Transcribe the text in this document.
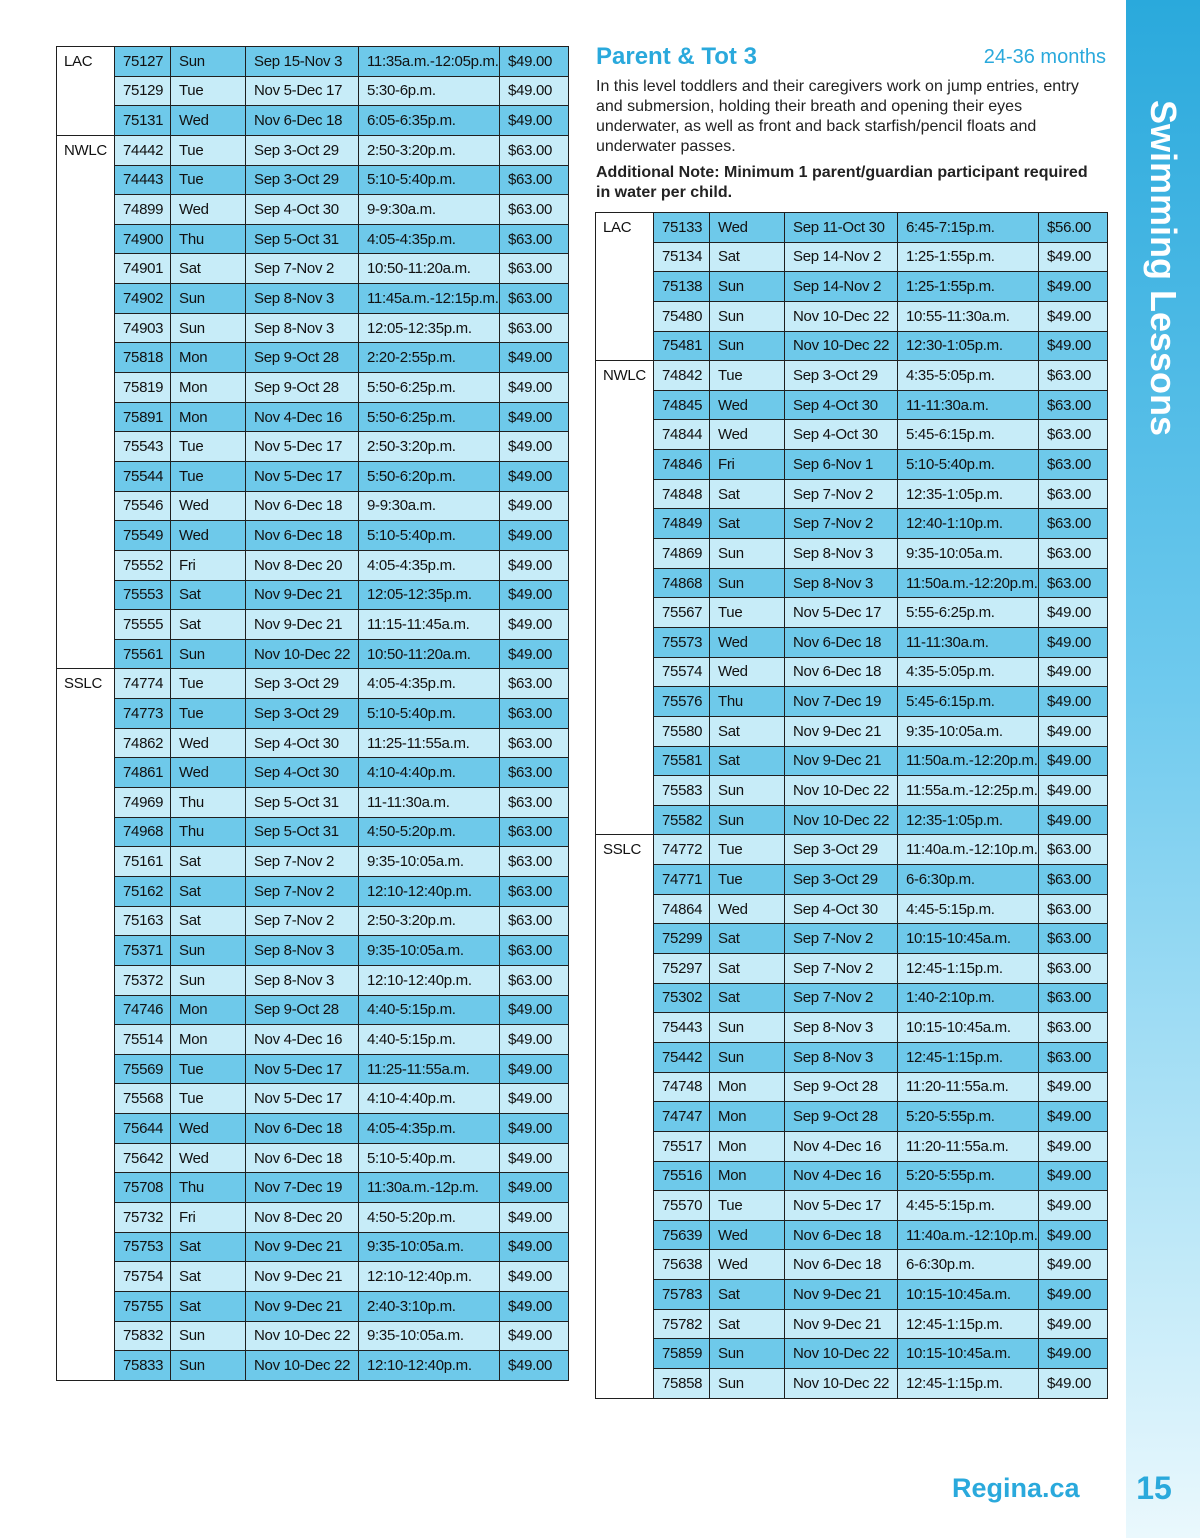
LAC	75127	Sun	Sep 15-Nov 3	11:35a.m.-12:05p.m.	$49.00
	75129	Tue	Nov 5-Dec 17	5:30-6p.m.	$49.00
	75131	Wed	Nov 6-Dec 18	6:05-6:35p.m.	$49.00
NWLC	74442	Tue	Sep 3-Oct 29	2:50-3:20p.m.	$63.00
	74443	Tue	Sep 3-Oct 29	5:10-5:40p.m.	$63.00
	74899	Wed	Sep 4-Oct 30	9-9:30a.m.	$63.00
	74900	Thu	Sep 5-Oct 31	4:05-4:35p.m.	$63.00
	74901	Sat	Sep 7-Nov 2	10:50-11:20a.m.	$63.00
	74902	Sun	Sep 8-Nov 3	11:45a.m.-12:15p.m.	$63.00
	74903	Sun	Sep 8-Nov 3	12:05-12:35p.m.	$63.00
	75818	Mon	Sep 9-Oct 28	2:20-2:55p.m.	$49.00
	75819	Mon	Sep 9-Oct 28	5:50-6:25p.m.	$49.00
	75891	Mon	Nov 4-Dec 16	5:50-6:25p.m.	$49.00
	75543	Tue	Nov 5-Dec 17	2:50-3:20p.m.	$49.00
	75544	Tue	Nov 5-Dec 17	5:50-6:20p.m.	$49.00
	75546	Wed	Nov 6-Dec 18	9-9:30a.m.	$49.00
	75549	Wed	Nov 6-Dec 18	5:10-5:40p.m.	$49.00
	75552	Fri	Nov 8-Dec 20	4:05-4:35p.m.	$49.00
	75553	Sat	Nov 9-Dec 21	12:05-12:35p.m.	$49.00
	75555	Sat	Nov 9-Dec 21	11:15-11:45a.m.	$49.00
	75561	Sun	Nov 10-Dec 22	10:50-11:20a.m.	$49.00
SSLC	74774	Tue	Sep 3-Oct 29	4:05-4:35p.m.	$63.00
	74773	Tue	Sep 3-Oct 29	5:10-5:40p.m.	$63.00
	74862	Wed	Sep 4-Oct 30	11:25-11:55a.m.	$63.00
	74861	Wed	Sep 4-Oct 30	4:10-4:40p.m.	$63.00
	74969	Thu	Sep 5-Oct 31	11-11:30a.m.	$63.00
	74968	Thu	Sep 5-Oct 31	4:50-5:20p.m.	$63.00
	75161	Sat	Sep 7-Nov 2	9:35-10:05a.m.	$63.00
	75162	Sat	Sep 7-Nov 2	12:10-12:40p.m.	$63.00
	75163	Sat	Sep 7-Nov 2	2:50-3:20p.m.	$63.00
	75371	Sun	Sep 8-Nov 3	9:35-10:05a.m.	$63.00
	75372	Sun	Sep 8-Nov 3	12:10-12:40p.m.	$63.00
	74746	Mon	Sep 9-Oct 28	4:40-5:15p.m.	$49.00
	75514	Mon	Nov 4-Dec 16	4:40-5:15p.m.	$49.00
	75569	Tue	Nov 5-Dec 17	11:25-11:55a.m.	$49.00
	75568	Tue	Nov 5-Dec 17	4:10-4:40p.m.	$49.00
	75644	Wed	Nov 6-Dec 18	4:05-4:35p.m.	$49.00
	75642	Wed	Nov 6-Dec 18	5:10-5:40p.m.	$49.00
	75708	Thu	Nov 7-Dec 19	11:30a.m.-12p.m.	$49.00
	75732	Fri	Nov 8-Dec 20	4:50-5:20p.m.	$49.00
	75753	Sat	Nov 9-Dec 21	9:35-10:05a.m.	$49.00
	75754	Sat	Nov 9-Dec 21	12:10-12:40p.m.	$49.00
	75755	Sat	Nov 9-Dec 21	2:40-3:10p.m.	$49.00
	75832	Sun	Nov 10-Dec 22	9:35-10:05a.m.	$49.00
	75833	Sun	Nov 10-Dec 22	12:10-12:40p.m.	$49.00
Parent & Tot 3	24-36 months
In this level toddlers and their caregivers work on jump entries, entry and submersion, holding their breath and opening their eyes underwater, as well as front and back starfish/pencil floats and underwater passes.
Additional Note: Minimum 1 parent/guardian participant required in water per child.
LAC	75133	Wed	Sep 11-Oct 30	6:45-7:15p.m.	$56.00
	75134	Sat	Sep 14-Nov 2	1:25-1:55p.m.	$49.00
	75138	Sun	Sep 14-Nov 2	1:25-1:55p.m.	$49.00
	75480	Sun	Nov 10-Dec 22	10:55-11:30a.m.	$49.00
	75481	Sun	Nov 10-Dec 22	12:30-1:05p.m.	$49.00
NWLC	74842	Tue	Sep 3-Oct 29	4:35-5:05p.m.	$63.00
	74845	Wed	Sep 4-Oct 30	11-11:30a.m.	$63.00
	74844	Wed	Sep 4-Oct 30	5:45-6:15p.m.	$63.00
	74846	Fri	Sep 6-Nov 1	5:10-5:40p.m.	$63.00
	74848	Sat	Sep 7-Nov 2	12:35-1:05p.m.	$63.00
	74849	Sat	Sep 7-Nov 2	12:40-1:10p.m.	$63.00
	74869	Sun	Sep 8-Nov 3	9:35-10:05a.m.	$63.00
	74868	Sun	Sep 8-Nov 3	11:50a.m.-12:20p.m.	$63.00
	75567	Tue	Nov 5-Dec 17	5:55-6:25p.m.	$49.00
	75573	Wed	Nov 6-Dec 18	11-11:30a.m.	$49.00
	75574	Wed	Nov 6-Dec 18	4:35-5:05p.m.	$49.00
	75576	Thu	Nov 7-Dec 19	5:45-6:15p.m.	$49.00
	75580	Sat	Nov 9-Dec 21	9:35-10:05a.m.	$49.00
	75581	Sat	Nov 9-Dec 21	11:50a.m.-12:20p.m.	$49.00
	75583	Sun	Nov 10-Dec 22	11:55a.m.-12:25p.m.	$49.00
	75582	Sun	Nov 10-Dec 22	12:35-1:05p.m.	$49.00
SSLC	74772	Tue	Sep 3-Oct 29	11:40a.m.-12:10p.m.	$63.00
	74771	Tue	Sep 3-Oct 29	6-6:30p.m.	$63.00
	74864	Wed	Sep 4-Oct 30	4:45-5:15p.m.	$63.00
	75299	Sat	Sep 7-Nov 2	10:15-10:45a.m.	$63.00
	75297	Sat	Sep 7-Nov 2	12:45-1:15p.m.	$63.00
	75302	Sat	Sep 7-Nov 2	1:40-2:10p.m.	$63.00
	75443	Sun	Sep 8-Nov 3	10:15-10:45a.m.	$63.00
	75442	Sun	Sep 8-Nov 3	12:45-1:15p.m.	$63.00
	74748	Mon	Sep 9-Oct 28	11:20-11:55a.m.	$49.00
	74747	Mon	Sep 9-Oct 28	5:20-5:55p.m.	$49.00
	75517	Mon	Nov 4-Dec 16	11:20-11:55a.m.	$49.00
	75516	Mon	Nov 4-Dec 16	5:20-5:55p.m.	$49.00
	75570	Tue	Nov 5-Dec 17	4:45-5:15p.m.	$49.00
	75639	Wed	Nov 6-Dec 18	11:40a.m.-12:10p.m.	$49.00
	75638	Wed	Nov 6-Dec 18	6-6:30p.m.	$49.00
	75783	Sat	Nov 9-Dec 21	10:15-10:45a.m.	$49.00
	75782	Sat	Nov 9-Dec 21	12:45-1:15p.m.	$49.00
	75859	Sun	Nov 10-Dec 22	10:15-10:45a.m.	$49.00
	75858	Sun	Nov 10-Dec 22	12:45-1:15p.m.	$49.00
Swimming Lessons
Regina.ca	15
